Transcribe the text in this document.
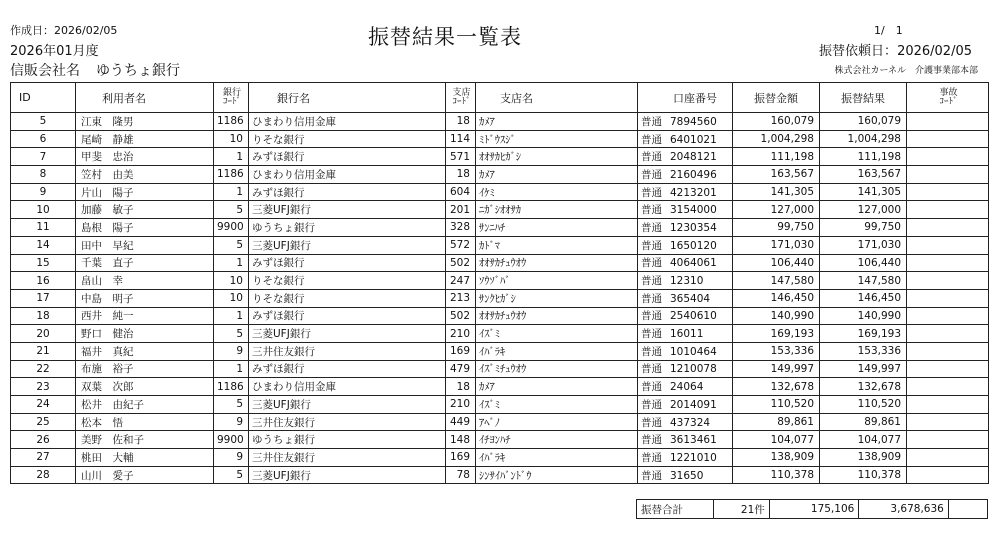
作成日：2026/02/05
2026年01月度
信販会社名 ゆうちょ銀行
振替結果一覧表	1/　1
振替依頼日：2026/02/05
株式会社カーネル　介護事業部本部
ID	利用者名	銀行
ｺｰﾄﾞ	銀行名	支店
ｺｰﾄﾞ	支店名	口座番号	振替金額	振替結果	事故
ｺｰﾄﾞ
5	江東　隆男	1186	ひまわり信用金庫	18	ｶﾒｱ	普通 7894560	160,079	160,079	
6	尾崎　静雄	10	りそな銀行	114	ﾐﾄﾞｳｽｼﾞ	普通 6401021	1,004,298	1,004,298	
7	甲斐　忠治	1	みずほ銀行	571	ｵｵｻｶﾋｶﾞｼ	普通 2048121	111,198	111,198	
8	笠村　由美	1186	ひまわり信用金庫	18	ｶﾒｱ	普通 2160496	163,567	163,567	
9	片山　陽子	1	みずほ銀行	604	ｲｹﾐ	普通 4213201	141,305	141,305	
10	加藤　敏子	5	三菱UFJ銀行	201	ﾆｶﾞｼｵｵｻｶ	普通 3154000	127,000	127,000	
11	島根　陽子	9900	ゆうちょ銀行	328	ｻﾝﾆﾊﾁ	普通 1230354	99,750	99,750	
14	田中　早紀	5	三菱UFJ銀行	572	ｶﾄﾞﾏ	普通 1650120	171,030	171,030	
15	千葉　直子	1	みずほ銀行	502	ｵｵｻｶﾁｭｳｵｳ	普通 4064061	106,440	106,440	
16	畠山　幸	10	りそな銀行	247	ｿｳｿﾞﾊﾞ	普通 12310	147,580	147,580	
17	中島　明子	10	りそな銀行	213	ｻﾝｸﾋｶﾞｼ	普通 365404	146,450	146,450	
18	西井　純一	1	みずほ銀行	502	ｵｵｻｶﾁｭｳｵｳ	普通 2540610	140,990	140,990	
20	野口　健治	5	三菱UFJ銀行	210	ｲｽﾞﾐ	普通 16011	169,193	169,193	
21	福井　真紀	9	三井住友銀行	169	ｲﾊﾞﾗｷ	普通 1010464	153,336	153,336	
22	布施　裕子	1	みずほ銀行	479	ｲｽﾞﾐﾁｭｳｵｳ	普通 1210078	149,997	149,997	
23	双葉　次郎	1186	ひまわり信用金庫	18	ｶﾒｱ	普通 24064	132,678	132,678	
24	松井　由紀子	5	三菱UFJ銀行	210	ｲｽﾞﾐ	普通 2014091	110,520	110,520	
25	松本　悟	9	三井住友銀行	449	ｱﾍﾞﾉ	普通 437324	89,861	89,861	
26	美野　佐和子	9900	ゆうちょ銀行	148	ｲﾁﾖﾝﾊﾁ	普通 3613461	104,077	104,077	
27	桃田　大輔	9	三井住友銀行	169	ｲﾊﾞﾗｷ	普通 1221010	138,909	138,909	
28	山川　愛子	5	三菱UFJ銀行	78	ｼﾝｻｲﾊﾞﾝﾄﾞｳ	普通 31650	110,378	110,378	
振替合計	21件	175,106	3,678,636	
